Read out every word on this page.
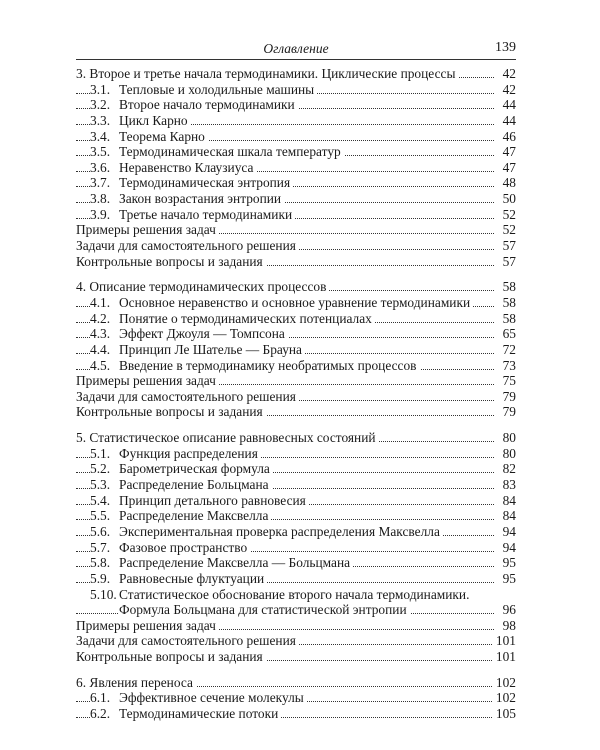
Оглавление	139
3. Второе и третье начала термодинамики. Циклические процессы	42
3.1. Тепловые и холодильные машины	42
3.2. Второе начало термодинамики	44
3.3. Цикл Карно	44
3.4. Теорема Карно	46
3.5. Термодинамическая шкала температур	47
3.6. Неравенство Клаузиуса	47
3.7. Термодинамическая энтропия	48
3.8. Закон возрастания энтропии	50
3.9. Третье начало термодинамики	52
Примеры решения задач	52
Задачи для самостоятельного решения	57
Контрольные вопросы и задания	57
4. Описание термодинамических процессов	58
4.1. Основное неравенство и основное уравнение термодинамики 58
4.2. Понятие о термодинамических потенциалах	58
4.3. Эффект Джоуля — Томпсона	65
4.4. Принцип Ле Шателье — Брауна	72
4.5. Введение в термодинамику необратимых процессов	73
Примеры решения задач	75
Задачи для самостоятельного решения	79
Контрольные вопросы и задания	79
5. Статистическое описание равновесных состояний	80
5.1. Функция распределения	80
5.2. Барометрическая формула	82
5.3. Распределение Больцмана	83
5.4. Принцип детального равновесия	84
5.5. Распределение Максвелла	84
5.6. Экспериментальная проверка распределения Максвелла	94
5.7. Фазовое пространство	94
5.8. Распределение Максвелла — Больцмана	95
5.9. Равновесные флуктуации	95
5.10. Статистическое обоснование второго начала термодинамики.
Формула Больцмана для статистической энтропии	96
Примеры решения задач	98
Задачи для самостоятельного решения	101
Контрольные вопросы и задания	101
6. Явления переноса	102
6.1. Эффективное сечение молекулы	102
6.2. Термодинамические потоки	105
